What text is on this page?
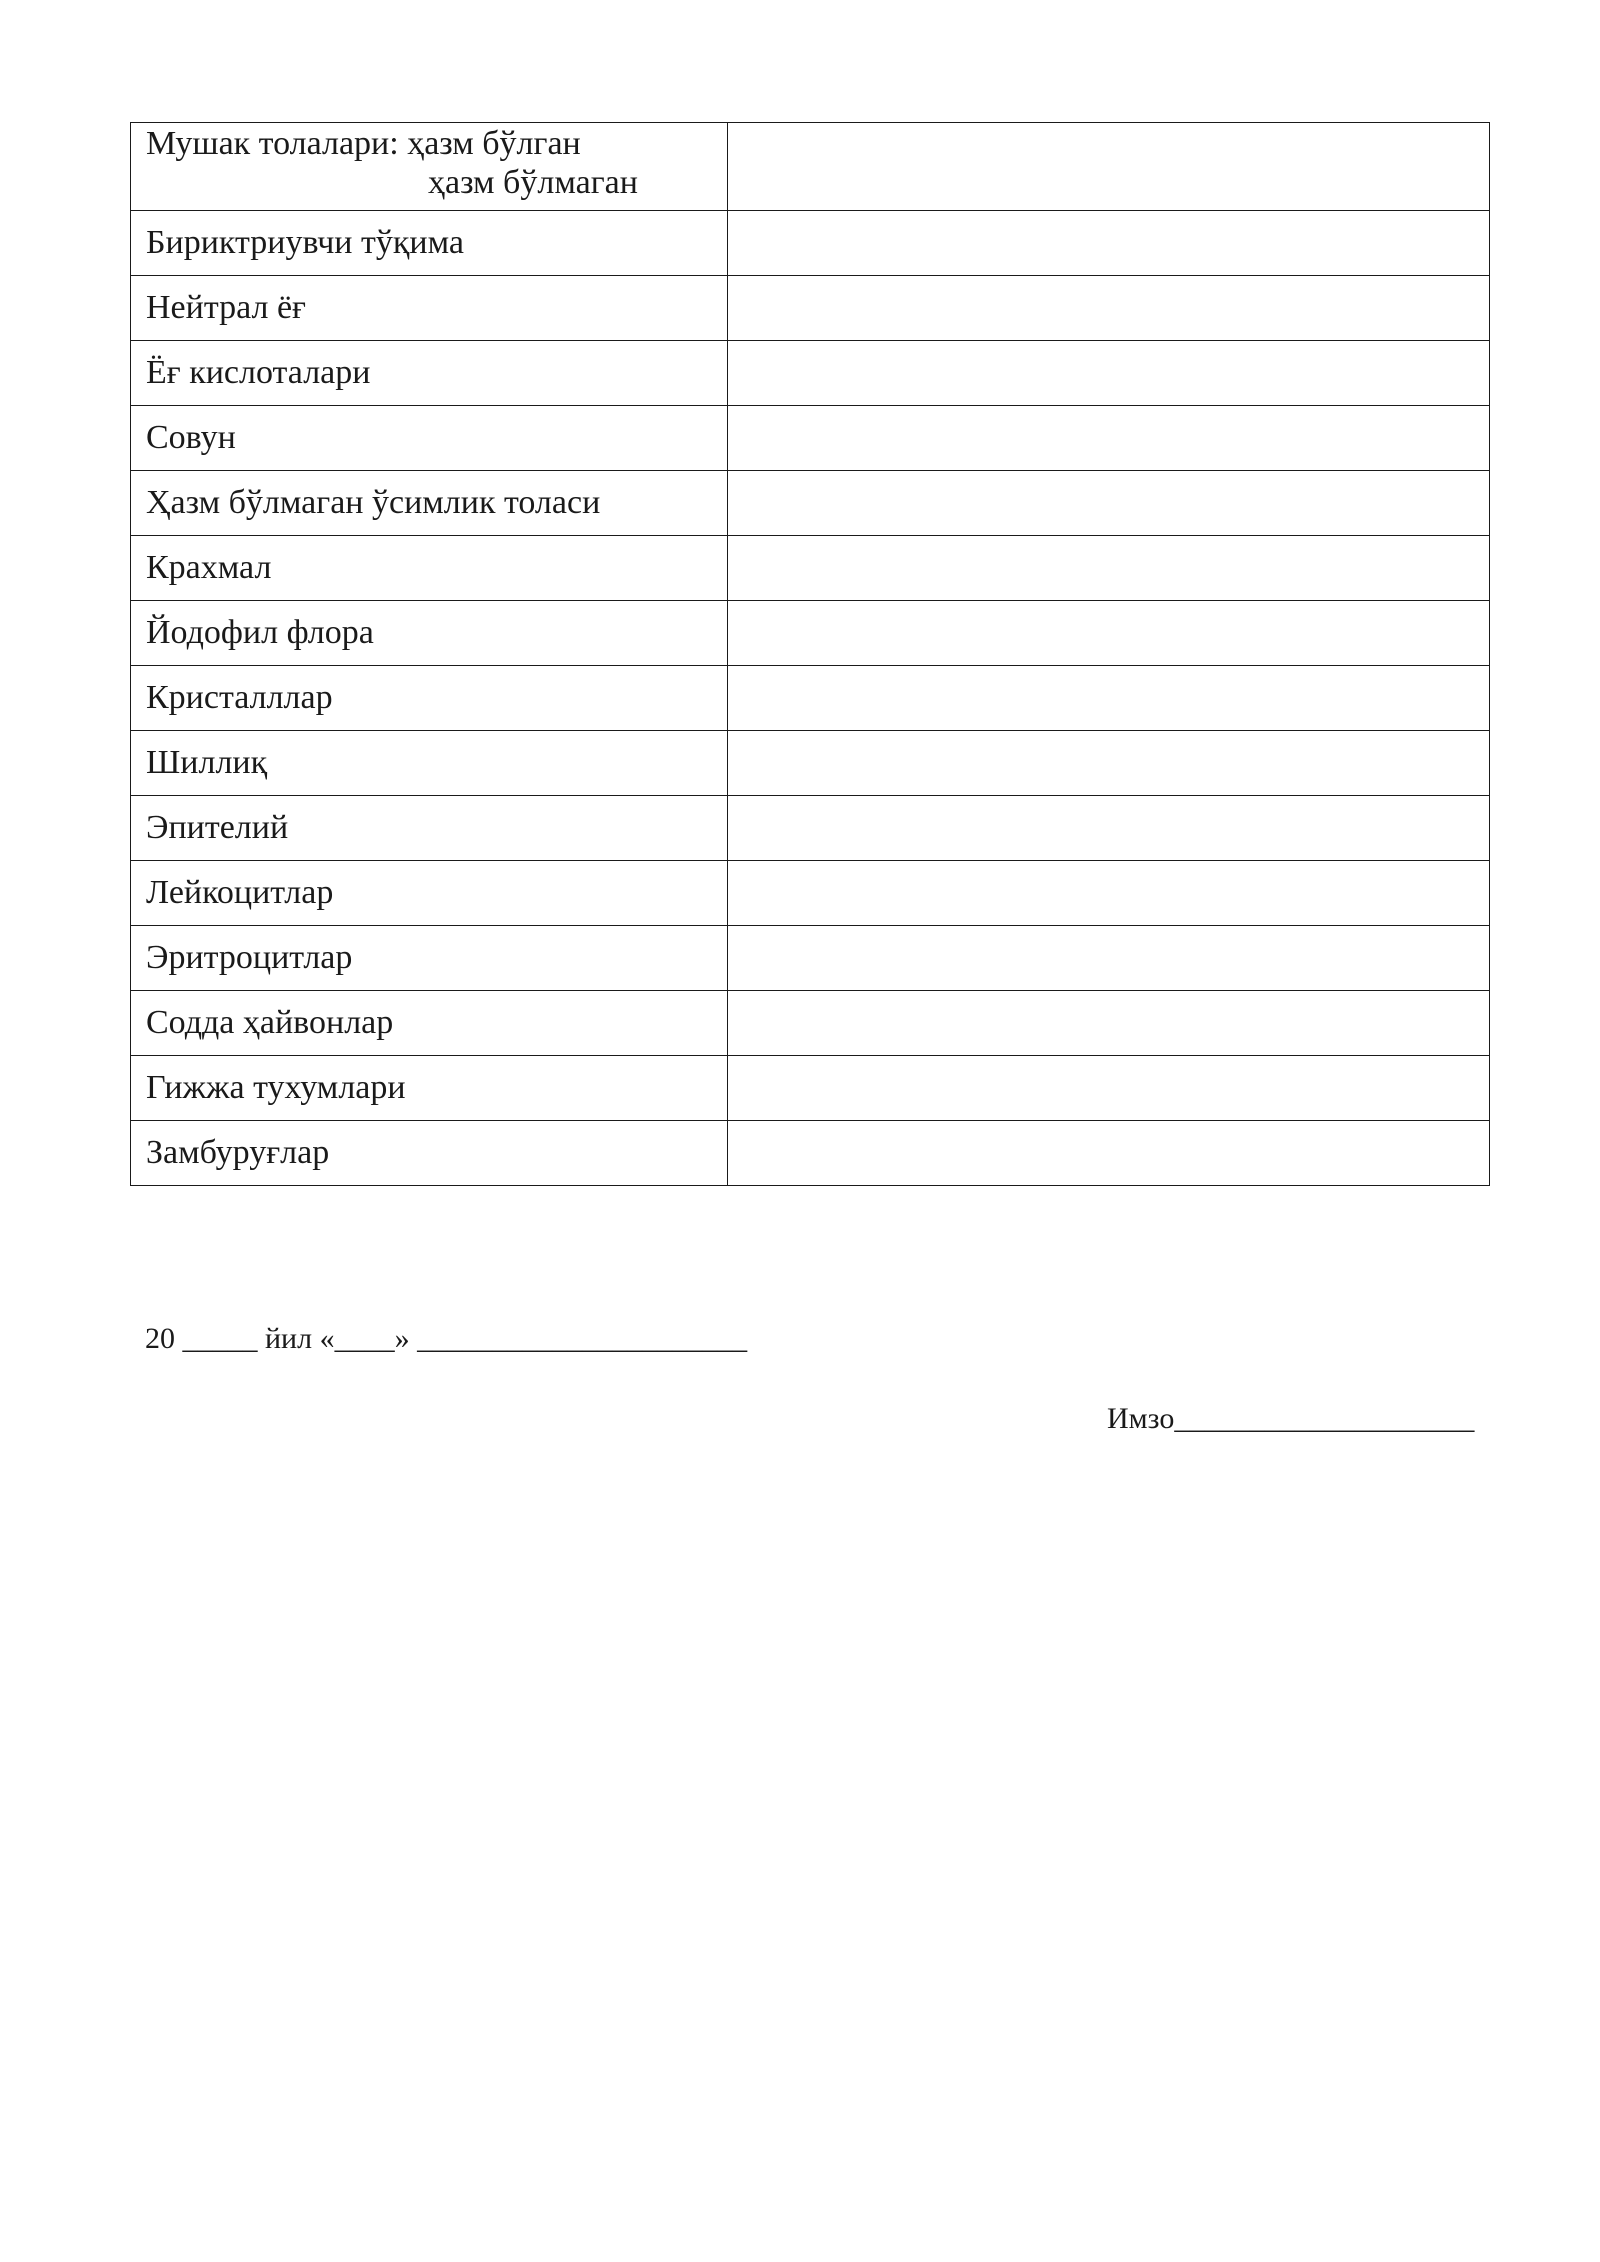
Мушак толалари: ҳазм бўлган
ҳазм бўлмаган	

Бириктриувчи тўқима	
Нейтрал ёғ	
Ёғ кислоталари	
Совун	
Ҳазм бўлмаган ўсимлик толаси	
Крахмал	
Йодофил флора	
Кристалллар	
Шиллиқ	
Эпителий	
Лейкоцитлар	
Эритроцитлар	
Содда ҳайвонлар	
Гижжа тухумлари	
Замбуруғлар	
20 _____ йил «____» ______________________
Имзо____________________
